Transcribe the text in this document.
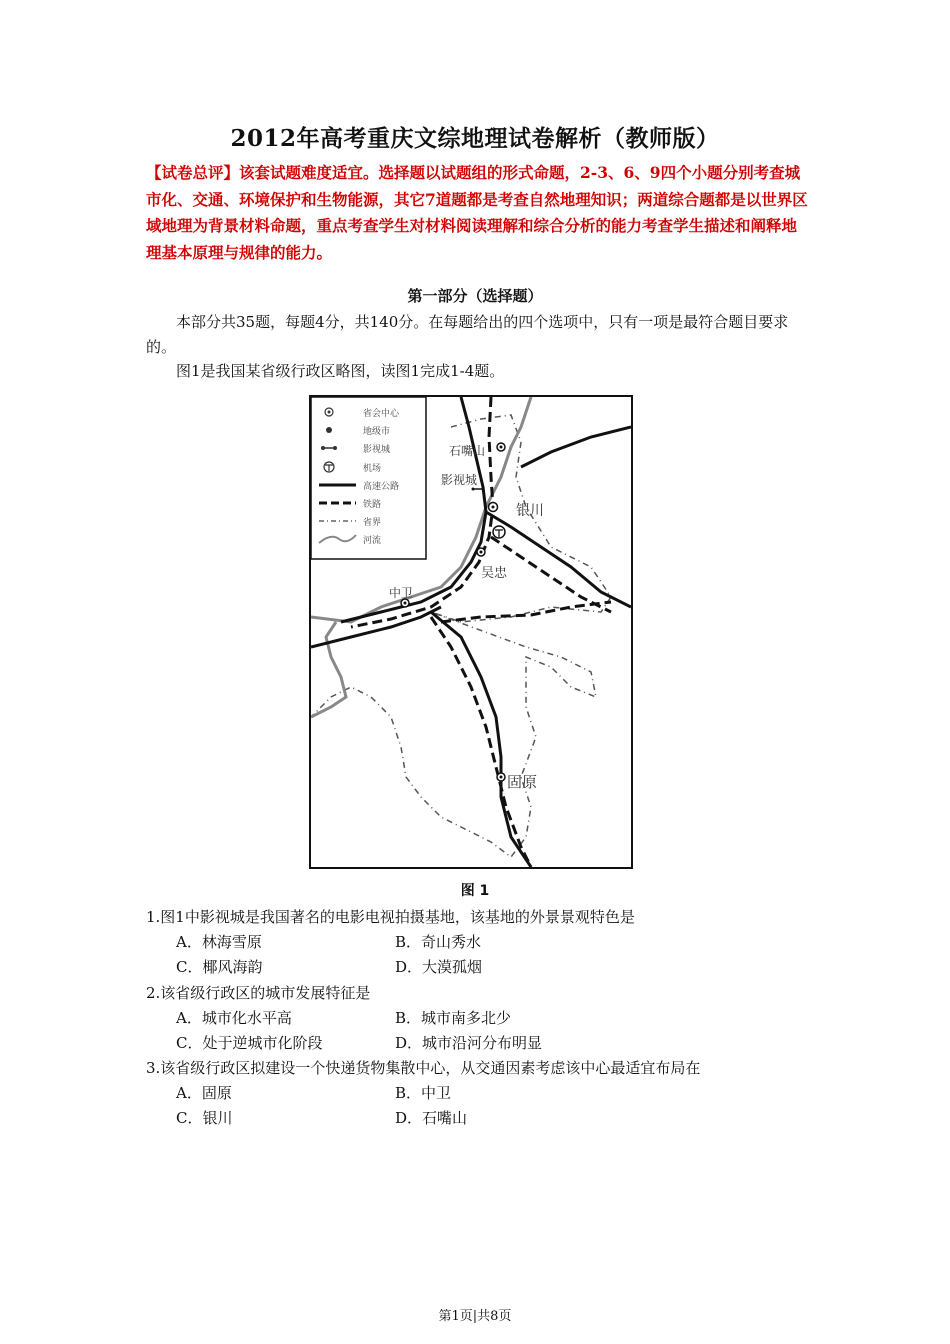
2012年高考重庆文综地理试卷解析（教师版）
【试卷总评】该套试题难度适宜。选择题以试题组的形式命题，2-3、6、9四个小题分别考查城市化、交通、环境保护和生物能源，其它7道题都是考查自然地理知识；两道综合题都是以世界区域地理为背景材料命题，重点考查学生对材料阅读理解和综合分析的能力考查学生描述和阐释地理基本原理与规律的能力。
第一部分（选择题）
本部分共35题，每题4分，共140分。在每题给出的四个选项中，只有一项是最符合题目要求的。
图1是我国某省级行政区略图，读图1完成1-4题。
省会中心
地级市
影视城
机场
高速公路
铁路
省界
河流
石嘴山
影视城
银川
吴忠
中卫
固原
图 1
1.图1中影视城是我国著名的电影电视拍摄基地，该基地的外景景观特色是
A．林海雪原	B．奇山秀水
C．椰风海韵	D．大漠孤烟
2.该省级行政区的城市发展特征是
A．城市化水平高	B．城市南多北少
C．处于逆城市化阶段	D．城市沿河分布明显
3.该省级行政区拟建设一个快递货物集散中心，从交通因素考虑该中心最适宜布局在
A．固原	B．中卫
C．银川	D．石嘴山
第1页|共8页
